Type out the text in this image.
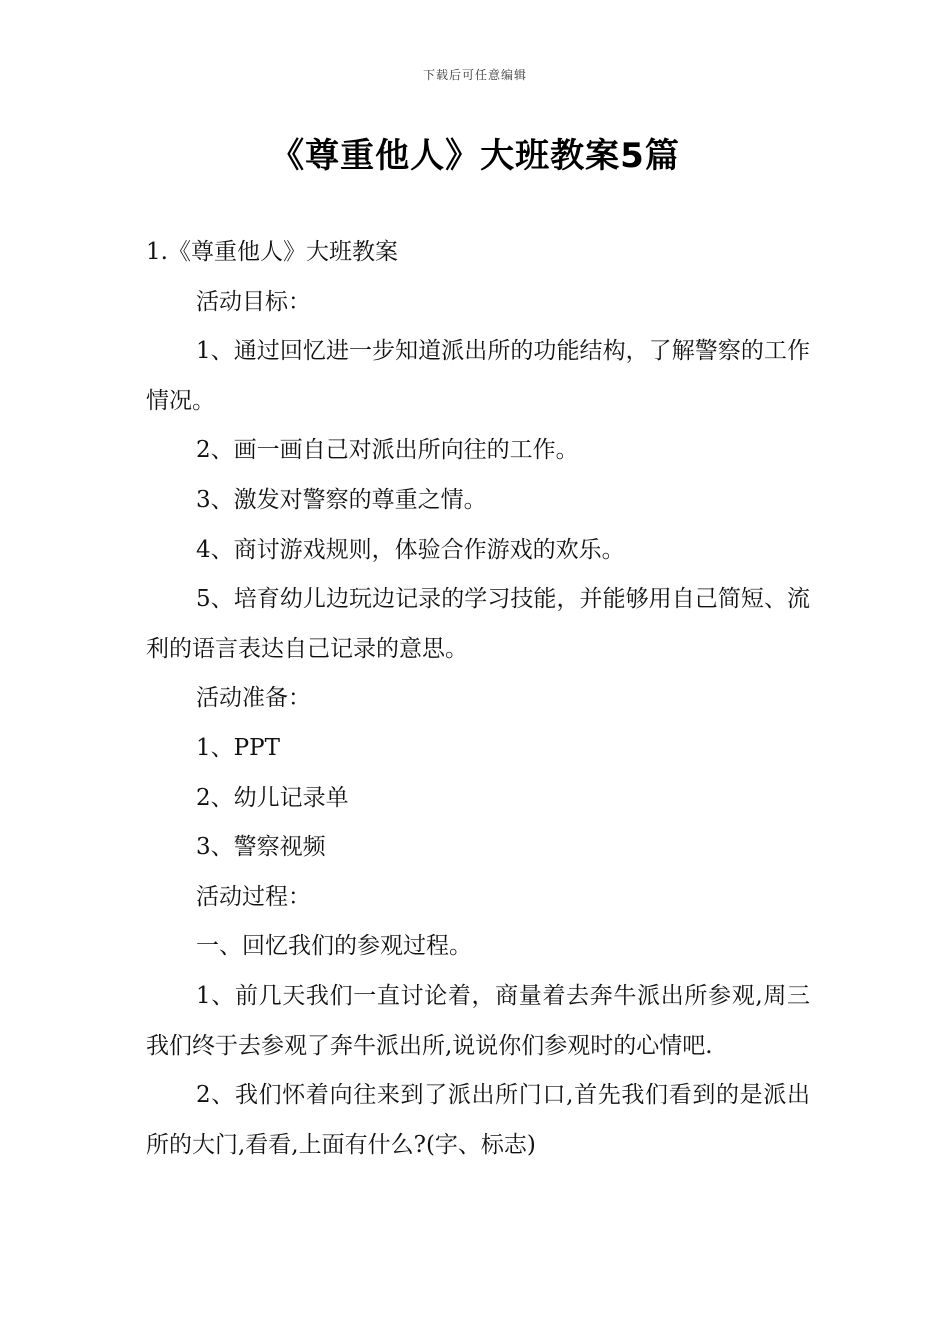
下载后可任意编辑
《尊重他人》大班教案5篇

1.《尊重他人》大班教案

活动目标：

1、通过回忆进一步知道派出所的功能结构，了解警察的工作情况。

2、画一画自己对派出所向往的工作。

3、激发对警察的尊重之情。

4、商讨游戏规则，体验合作游戏的欢乐。

5、培育幼儿边玩边记录的学习技能，并能够用自己简短、流利的语言表达自己记录的意思。

活动准备：

1、PPT

2、幼儿记录单

3、警察视频

活动过程：

一、回忆我们的参观过程。

1、前几天我们一直讨论着，商量着去奔牛派出所参观,周三我们终于去参观了奔牛派出所,说说你们参观时的心情吧.

2、我们怀着向往来到了派出所门口,首先我们看到的是派出所的大门,看看,上面有什么?(字、标志)
